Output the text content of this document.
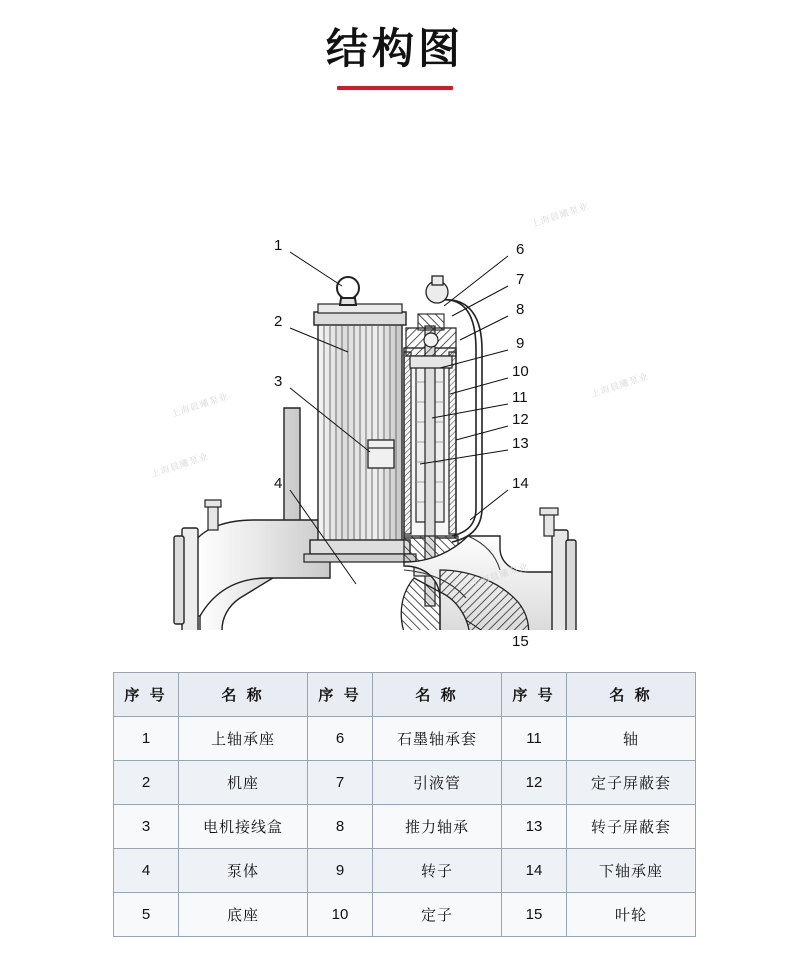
结构图
上海晨曦泵业
上海晨曦泵业
上海晨曦泵业
上海晨曦泵业
上海晨曦泵业
1
2
3
4
6
7
8
9
10
11
12
13
14
15
序 号	名 称	序 号	名 称	序 号	名 称
1	上轴承座	6	石墨轴承套	11	轴
2	机座	7	引液管	12	定子屏蔽套
3	电机接线盒	8	推力轴承	13	转子屏蔽套
4	泵体	9	转子	14	下轴承座
5	底座	10	定子	15	叶轮
